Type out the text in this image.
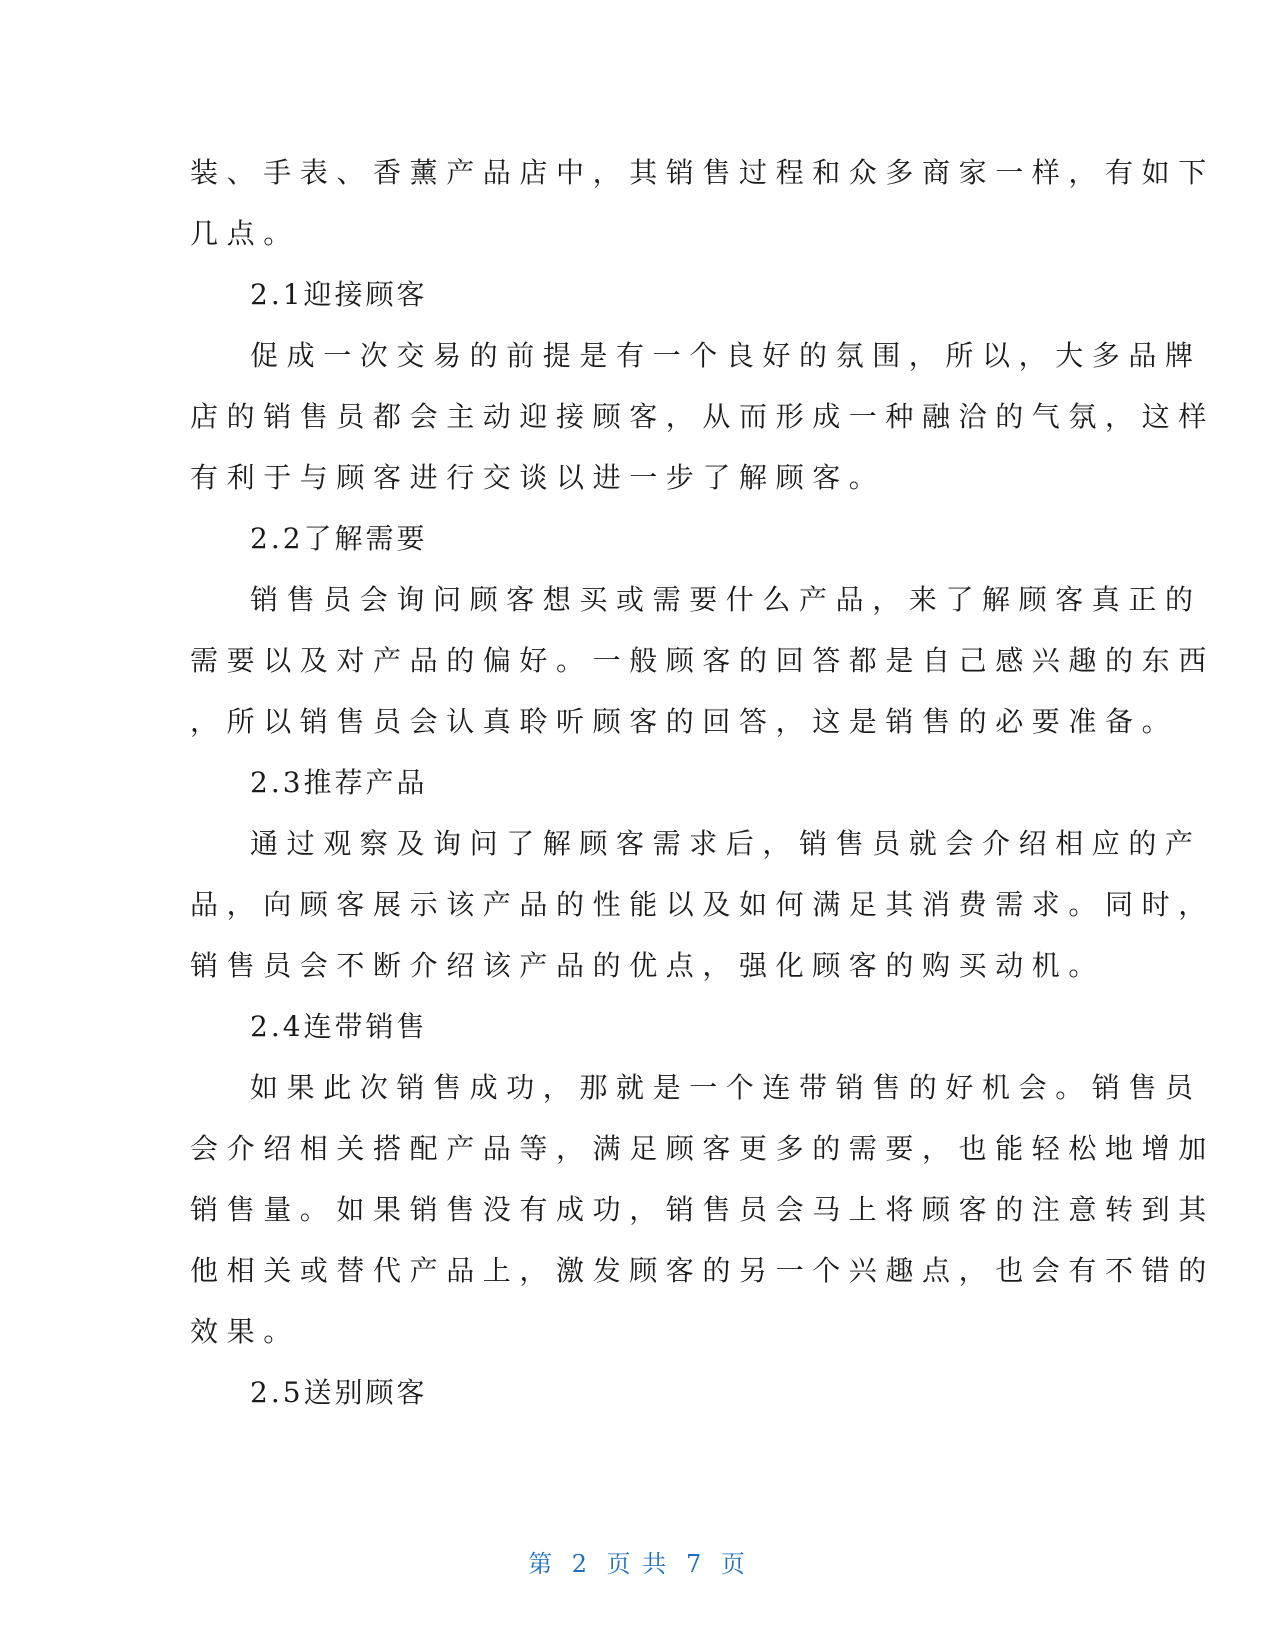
装、手表、香薰产品店中，其销售过程和众多商家一样，有如下
几点。
2.1迎接顾客
促成一次交易的前提是有一个良好的氛围，所以，大多品牌
店的销售员都会主动迎接顾客，从而形成一种融洽的气氛，这样
有利于与顾客进行交谈以进一步了解顾客。
2.2了解需要
销售员会询问顾客想买或需要什么产品，来了解顾客真正的
需要以及对产品的偏好。一般顾客的回答都是自己感兴趣的东西
，所以销售员会认真聆听顾客的回答，这是销售的必要准备。
2.3推荐产品
通过观察及询问了解顾客需求后，销售员就会介绍相应的产
品，向顾客展示该产品的性能以及如何满足其消费需求。同时，
销售员会不断介绍该产品的优点，强化顾客的购买动机。
2.4连带销售
如果此次销售成功，那就是一个连带销售的好机会。销售员
会介绍相关搭配产品等，满足顾客更多的需要，也能轻松地增加
销售量。如果销售没有成功，销售员会马上将顾客的注意转到其
他相关或替代产品上，激发顾客的另一个兴趣点，也会有不错的
效果。
2.5送别顾客
第 2 页 共 7 页
